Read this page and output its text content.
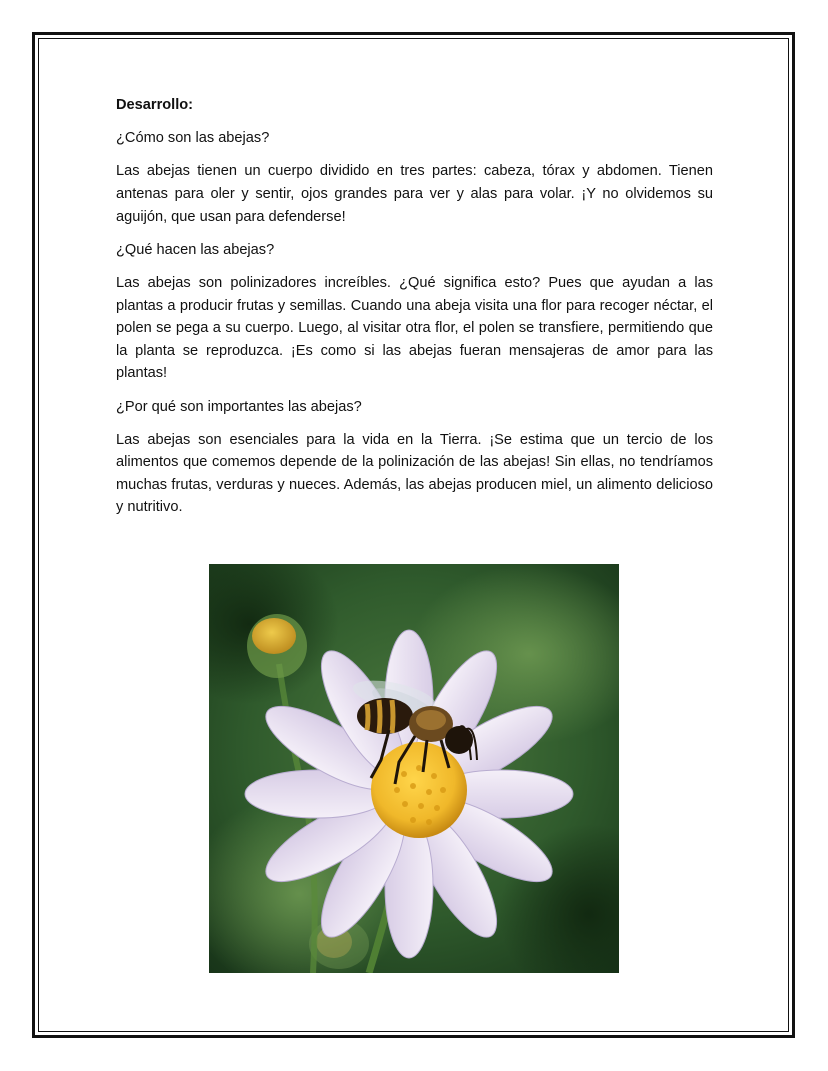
Desarrollo:

¿Cómo son las abejas?

Las abejas tienen un cuerpo dividido en tres partes: cabeza, tórax y abdomen. Tienen antenas para oler y sentir, ojos grandes para ver y alas para volar. ¡Y no olvidemos su aguijón, que usan para defenderse!

¿Qué hacen las abejas?

Las abejas son polinizadores increíbles. ¿Qué significa esto? Pues que ayudan a las plantas a producir frutas y semillas. Cuando una abeja visita una flor para recoger néctar, el polen se pega a su cuerpo. Luego, al visitar otra flor, el polen se transfiere, permitiendo que la planta se reproduzca. ¡Es como si las abejas fueran mensajeras de amor para las plantas!

¿Por qué son importantes las abejas?

Las abejas son esenciales para la vida en la Tierra. ¡Se estima que un tercio de los alimentos que comemos depende de la polinización de las abejas! Sin ellas, no tendríamos muchas frutas, verduras y nueces. Además, las abejas producen miel, un alimento delicioso y nutritivo.
